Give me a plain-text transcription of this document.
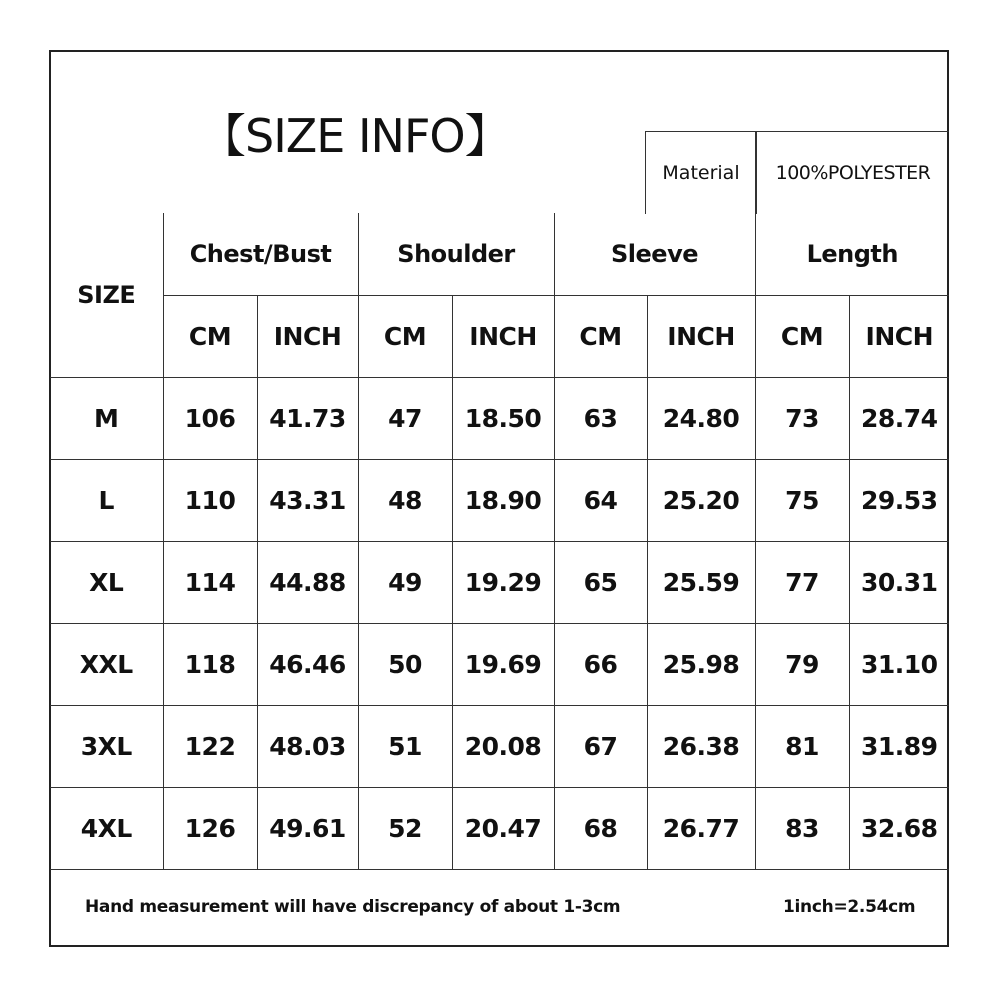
【SIZE INFO】
Material	100%POLYESTER
SIZE	Chest/Bust		Shoulder		Sleeve		Length	
	CM	INCH	CM	INCH	CM	INCH	CM	INCH
M	106	41.73	47	18.50	63	24.80	73	28.74
L	110	43.31	48	18.90	64	25.20	75	29.53
XL	114	44.88	49	19.29	65	25.59	77	30.31
XXL	118	46.46	50	19.69	66	25.98	79	31.10
3XL	122	48.03	51	20.08	67	26.38	81	31.89
4XL	126	49.61	52	20.47	68	26.77	83	32.68
Hand measurement will have discrepancy of about 1-3cm	1inch=2.54cm
